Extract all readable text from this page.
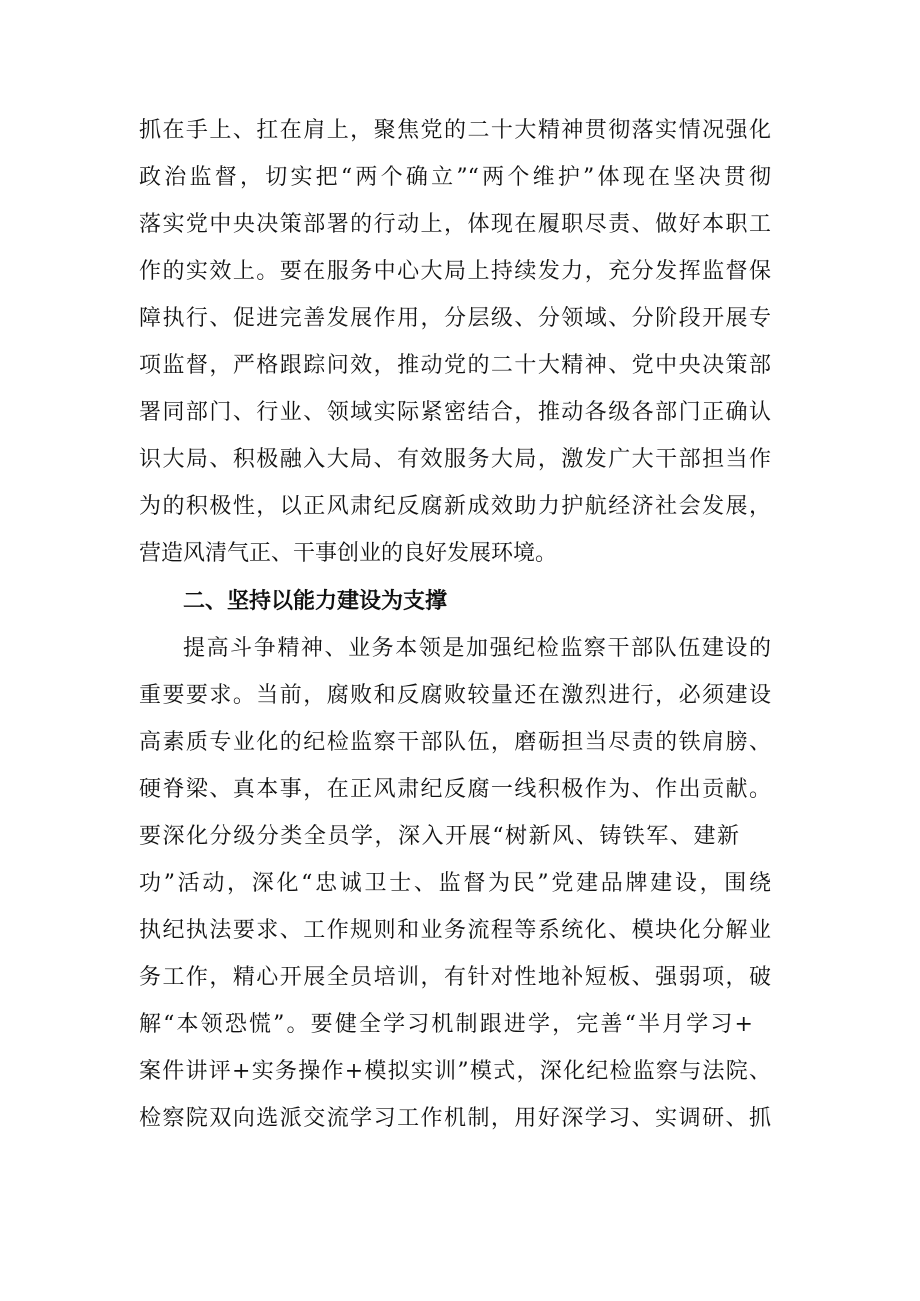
抓在手上、扛在肩上，聚焦党的二十大精神贯彻落实情况强化
政治监督，切实把“两个确立”“两个维护”体现在坚决贯彻
落实党中央决策部署的行动上，体现在履职尽责、做好本职工
作的实效上。要在服务中心大局上持续发力，充分发挥监督保
障执行、促进完善发展作用，分层级、分领域、分阶段开展专
项监督，严格跟踪问效，推动党的二十大精神、党中央决策部
署同部门、行业、领域实际紧密结合，推动各级各部门正确认
识大局、积极融入大局、有效服务大局，激发广大干部担当作
为的积极性，以正风肃纪反腐新成效助力护航经济社会发展，
营造风清气正、干事创业的良好发展环境。
二、坚持以能力建设为支撑
提高斗争精神、业务本领是加强纪检监察干部队伍建设的
重要要求。当前，腐败和反腐败较量还在激烈进行，必须建设
高素质专业化的纪检监察干部队伍，磨砺担当尽责的铁肩膀、
硬脊梁、真本事，在正风肃纪反腐一线积极作为、作出贡献。
要深化分级分类全员学，深入开展“树新风、铸铁军、建新
功”活动，深化“忠诚卫士、监督为民”党建品牌建设，围绕
执纪执法要求、工作规则和业务流程等系统化、模块化分解业
务工作，精心开展全员培训，有针对性地补短板、强弱项，破
解“本领恐慌”。要健全学习机制跟进学，完善“半月学习+
案件讲评+实务操作+模拟实训”模式，深化纪检监察与法院、
检察院双向选派交流学习工作机制，用好深学习、实调研、抓
